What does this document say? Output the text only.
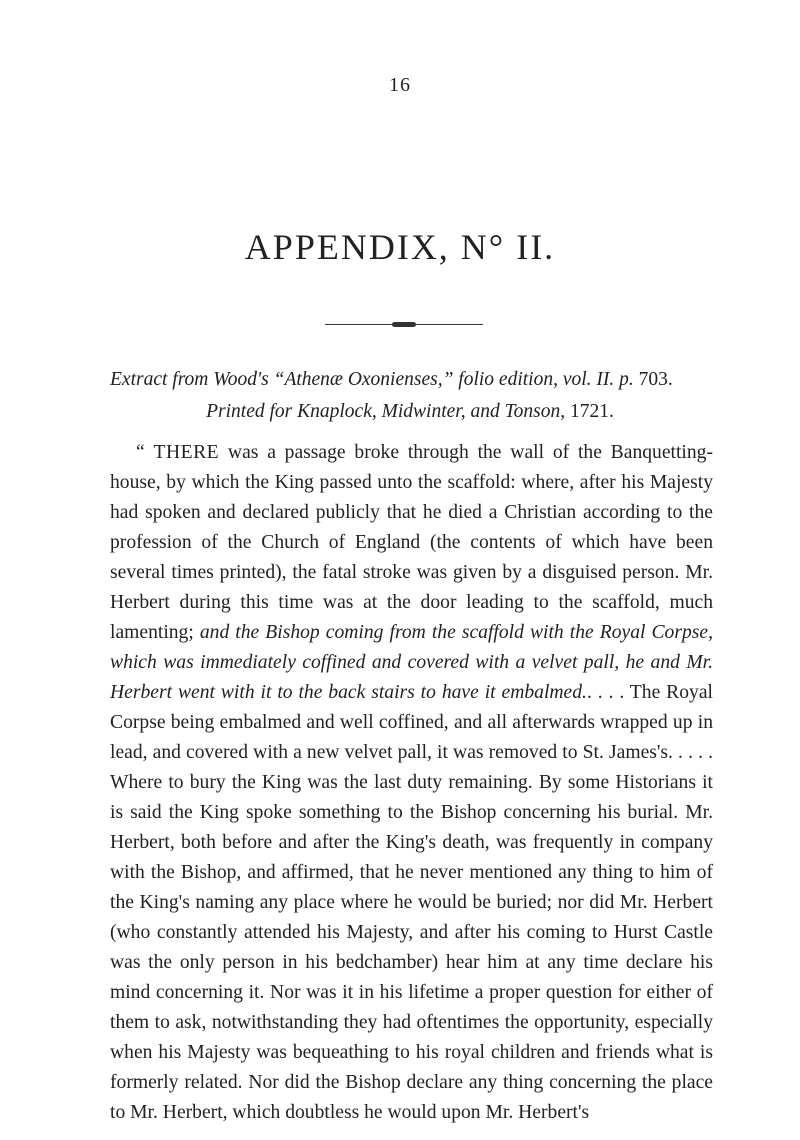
16
APPENDIX, N° II.
Extract from Wood's “Athenæ Oxonienses,” folio edition, vol. II. p. 703.
Printed for Knaplock, Midwinter, and Tonson, 1721.

“ THERE was a passage broke through the wall of the Banquetting-house, by which the King passed unto the scaffold: where, after his Majesty had spoken and declared publicly that he died a Christian according to the profession of the Church of England (the contents of which have been several times printed), the fatal stroke was given by a disguised person. Mr. Herbert during this time was at the door leading to the scaffold, much lamenting; and the Bishop coming from the scaffold with the Royal Corpse, which was immediately coffined and covered with a velvet pall, he and Mr. Herbert went with it to the back stairs to have it embalmed.. . . . The Royal Corpse being embalmed and well coffined, and all afterwards wrapped up in lead, and covered with a new velvet pall, it was removed to St. James's. . . . . Where to bury the King was the last duty remaining. By some Historians it is said the King spoke something to the Bishop concerning his burial. Mr. Herbert, both before and after the King's death, was frequently in company with the Bishop, and affirmed, that he never mentioned any thing to him of the King's naming any place where he would be buried; nor did Mr. Herbert (who constantly attended his Majesty, and after his coming to Hurst Castle was the only person in his bedchamber) hear him at any time declare his mind concerning it. Nor was it in his lifetime a proper question for either of them to ask, notwithstanding they had oftentimes the opportunity, especially when his Majesty was bequeathing to his royal children and friends what is formerly related. Nor did the Bishop declare any thing concerning the place to Mr. Herbert, which doubtless he would upon Mr. Herbert's
